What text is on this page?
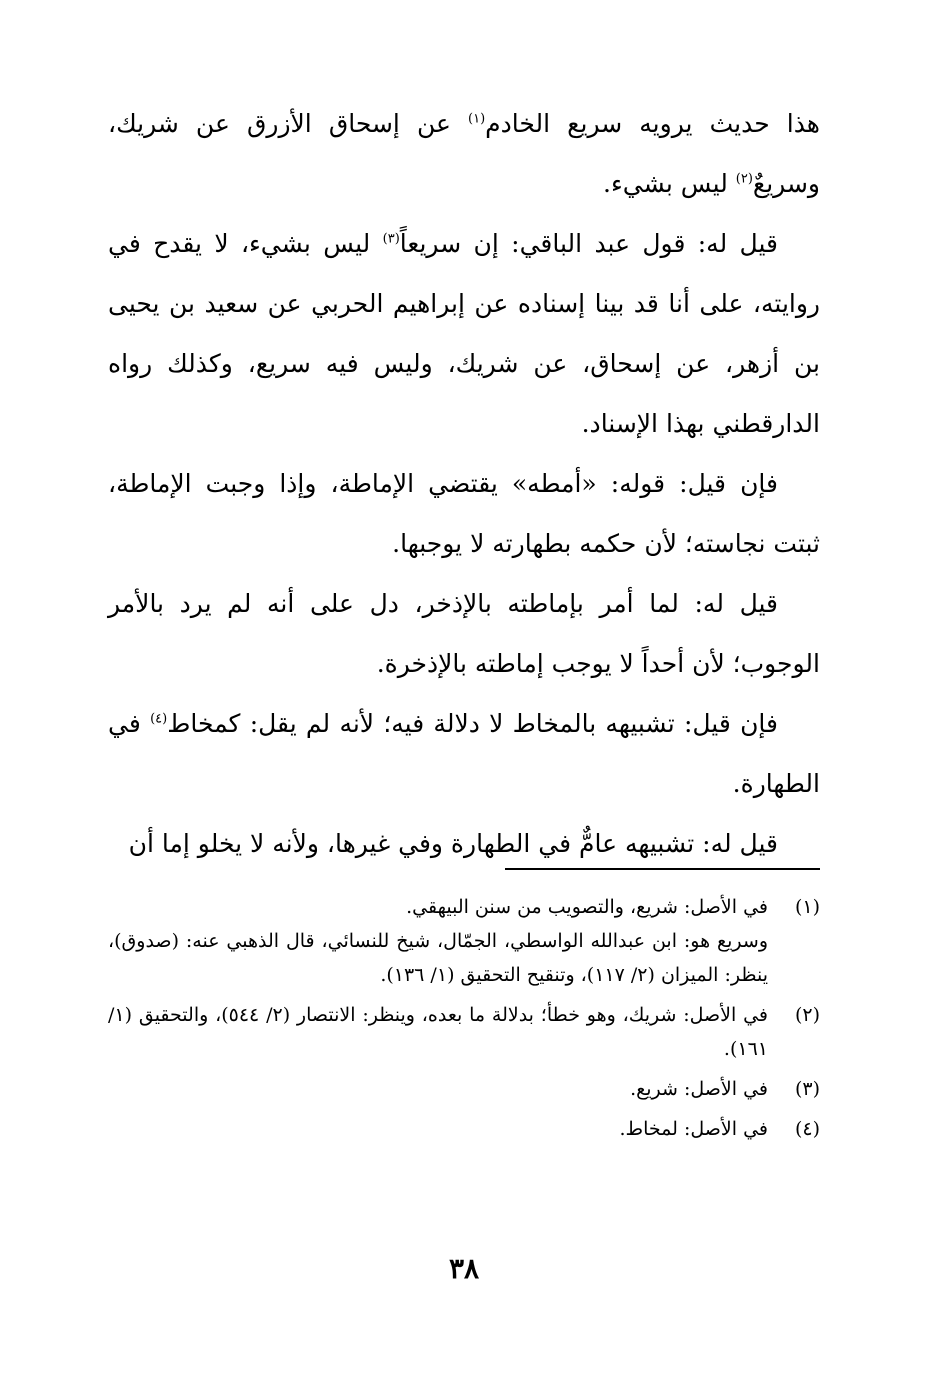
هذا حديث يرويه سريع الخادم$^{(١)}$ عن إسحاق الأزرق عن شريك، وسريعٌ$^{(٢)}$ ليس بشيء.

قيل له: قول عبد الباقي: إن سريعاً$^{(٣)}$ ليس بشيء، لا يقدح في روايته، على أنا قد بينا إسناده عن إبراهيم الحربي عن سعيد بن يحيى بن أزهر، عن إسحاق، عن شريك، وليس فيه سريع، وكذلك رواه الدارقطني بهذا الإسناد.

فإن قيل: قوله: «أمطه» يقتضي الإماطة، وإذا وجبت الإماطة، ثبتت نجاسته؛ لأن حكمه بطهارته لا يوجبها.

قيل له: لما أمر بإماطته بالإذخر، دل على أنه لم يرد بالأمر الوجوب؛ لأن أحداً لا يوجب إماطته بالإذخرة.

فإن قيل: تشبيهه بالمخاط لا دلالة فيه؛ لأنه لم يقل: كمخاط$^{(٤)}$ في الطهارة.

قيل له: تشبيهه عامٌّ في الطهارة وفي غيرها، ولأنه لا يخلو إما أن

(١)

في الأصل: شريع، والتصويب من سنن البيهقي.

وسريع هو: ابن عبدالله الواسطي، الجمّال، شيخ للنسائي، قال الذهبي عنه: (صدوق)، ينظر: الميزان (٢/ ١١٧)، وتنقيح التحقيق (١/ ١٣٦).

(٢)

في الأصل: شريك، وهو خطأ؛ بدلالة ما بعده، وينظر: الانتصار (٢/ ٥٤٤)، والتحقيق (١/ ١٦١).

(٣)

في الأصل: شريع.

(٤)

في الأصل: لمخاط.

٣٨
